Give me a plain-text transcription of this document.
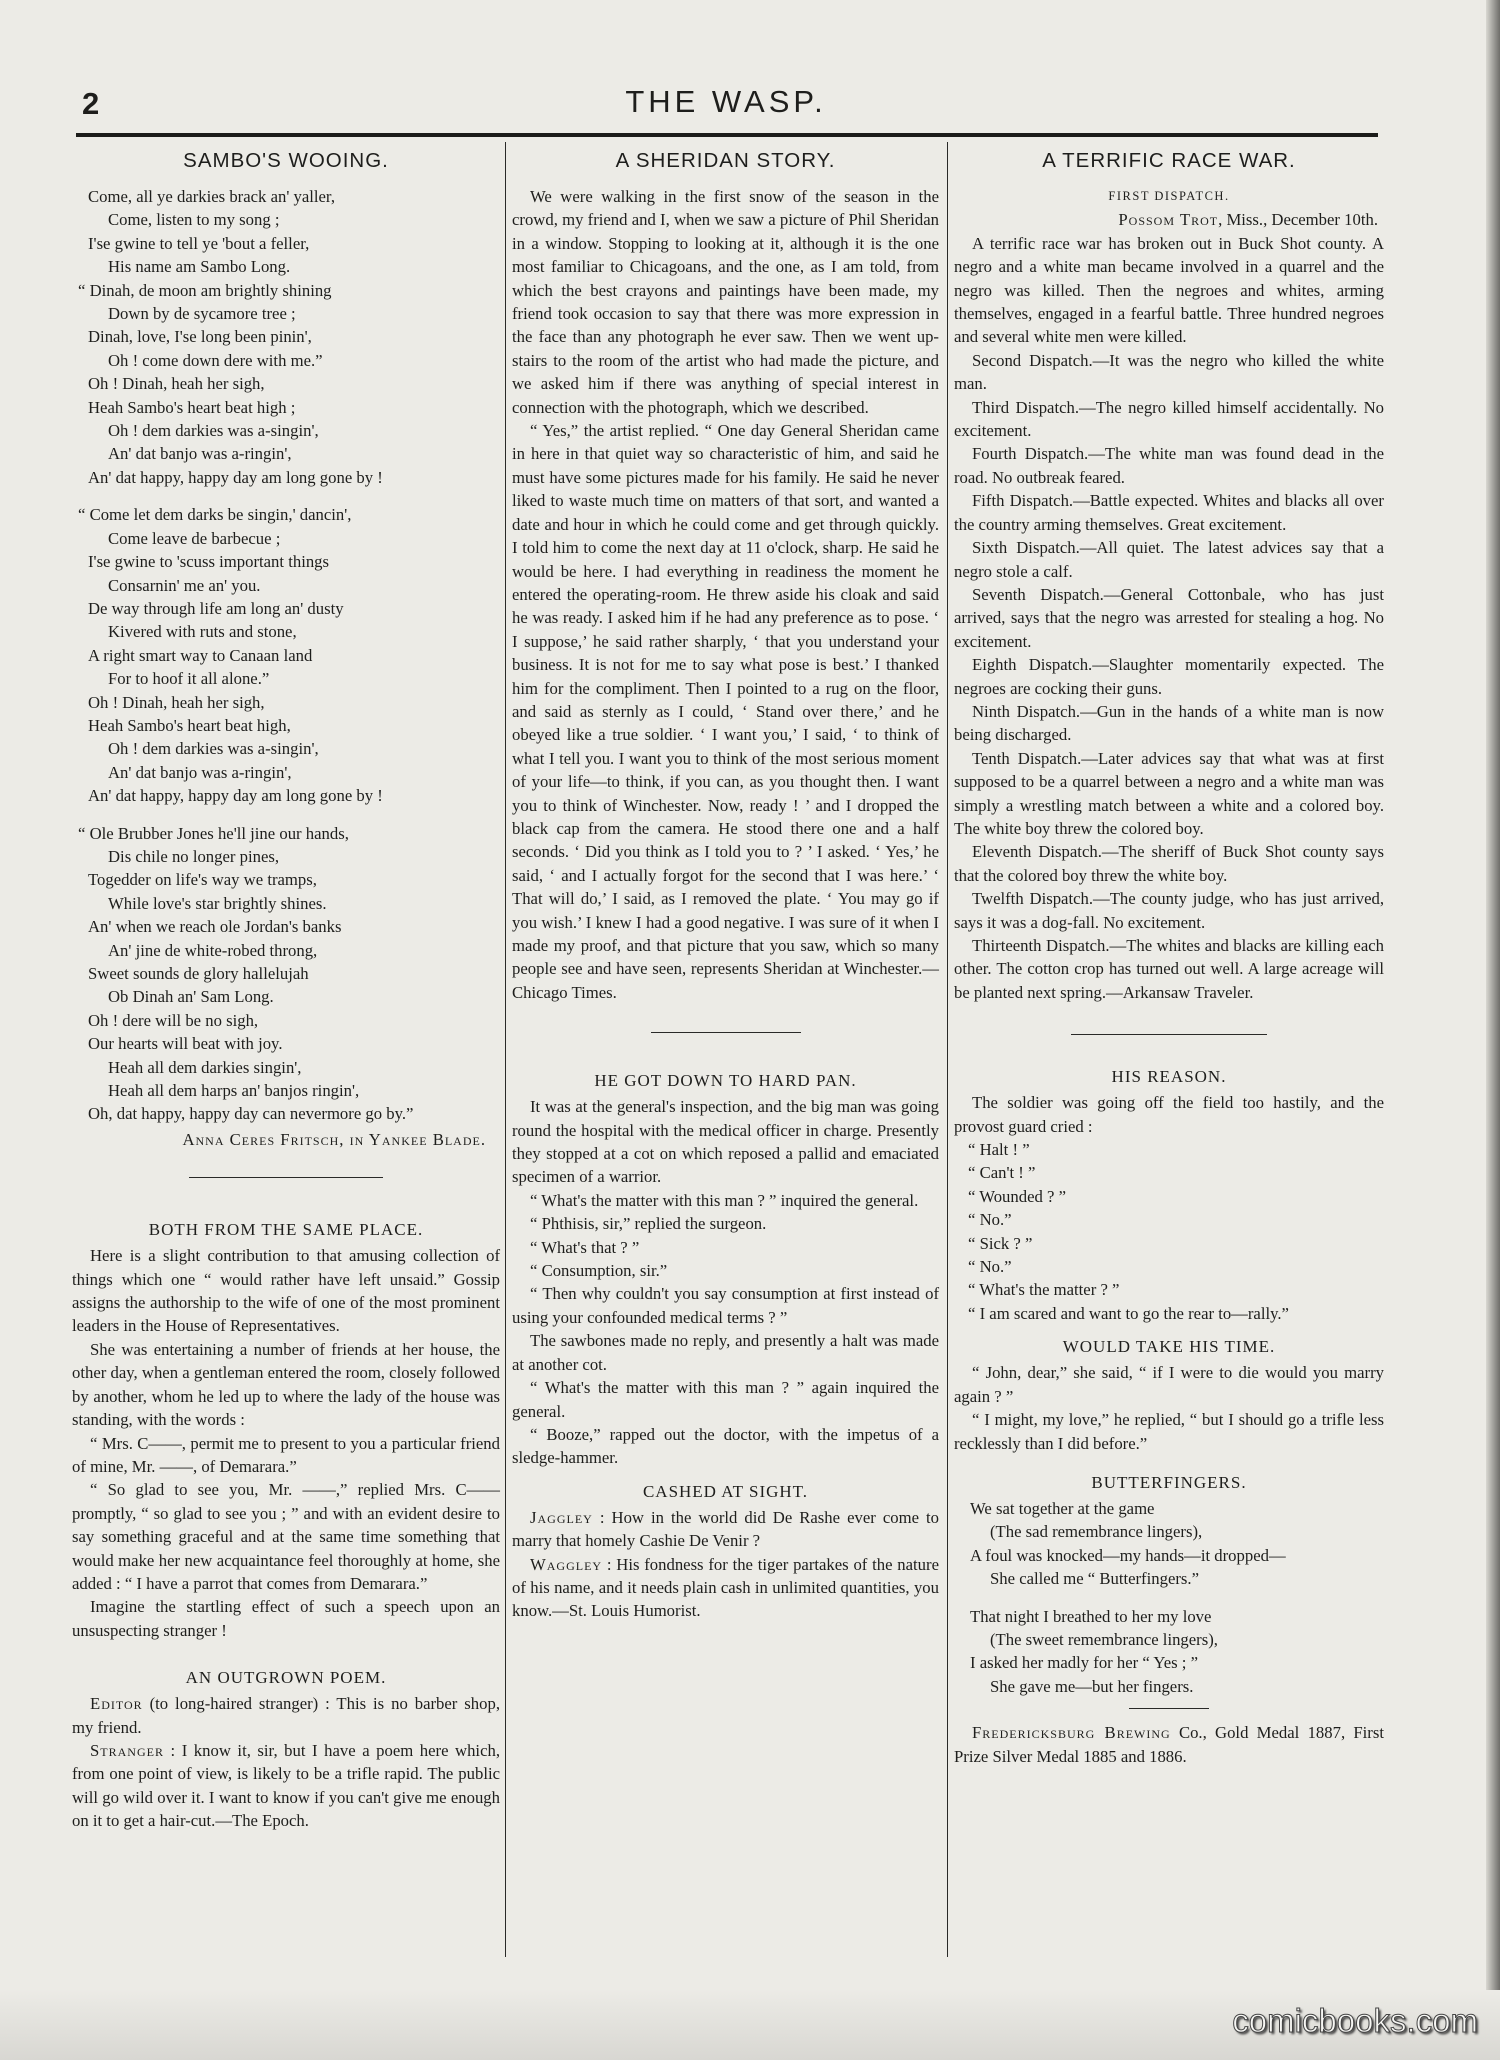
2	THE WASP.
SAMBO'S WOOING.
Come, all ye darkies brack an' yaller,
Come, listen to my song ;
I'se gwine to tell ye 'bout a feller,
His name am Sambo Long.
“ Dinah, de moon am brightly shining
Down by de sycamore tree ;
Dinah, love, I'se long been pinin',
Oh ! come down dere with me.”
Oh ! Dinah, heah her sigh,
Heah Sambo's heart beat high ;
Oh ! dem darkies was a-singin',
An' dat banjo was a-ringin',
An' dat happy, happy day am long gone by !
“ Come let dem darks be singin,' dancin',
Come leave de barbecue ;
I'se gwine to 'scuss important things
Consarnin' me an' you.
De way through life am long an' dusty
Kivered with ruts and stone,
A right smart way to Canaan land
For to hoof it all alone.”
Oh ! Dinah, heah her sigh,
Heah Sambo's heart beat high,
Oh ! dem darkies was a-singin',
An' dat banjo was a-ringin',
An' dat happy, happy day am long gone by !
“ Ole Brubber Jones he'll jine our hands,
Dis chile no longer pines,
Togedder on life's way we tramps,
While love's star brightly shines.
An' when we reach ole Jordan's banks
An' jine de white-robed throng,
Sweet sounds de glory hallelujah
Ob Dinah an' Sam Long.
Oh ! dere will be no sigh,
Our hearts will beat with joy.
Heah all dem darkies singin',
Heah all dem harps an' banjos ringin',
Oh, dat happy, happy day can nevermore go by.”
Anna Ceres Fritsch, in Yankee Blade.
BOTH FROM THE SAME PLACE.

Here is a slight contribution to that amusing collection of things which one “ would rather have left unsaid.” Gossip assigns the authorship to the wife of one of the most prominent leaders in the House of Representatives.

She was entertaining a number of friends at her house, the other day, when a gentleman entered the room, closely followed by another, whom he led up to where the lady of the house was standing, with the words :

“ Mrs. C——, permit me to present to you a particular friend of mine, Mr. ——, of Demarara.”

“ So glad to see you, Mr. ——,” replied Mrs. C—— promptly, “ so glad to see you ; ” and with an evident desire to say something graceful and at the same time something that would make her new acquaintance feel thoroughly at home, she added : “ I have a parrot that comes from Demarara.”

Imagine the startling effect of such a speech upon an unsuspecting stranger !

AN OUTGROWN POEM.

Editor (to long-haired stranger) : This is no barber shop, my friend.

Stranger : I know it, sir, but I have a poem here which, from one point of view, is likely to be a trifle rapid. The public will go wild over it. I want to know if you can't give me enough on it to get a hair-cut.—The Epoch.

A SHERIDAN STORY.

We were walking in the first snow of the season in the crowd, my friend and I, when we saw a picture of Phil Sheridan in a window. Stopping to looking at it, although it is the one most familiar to Chicagoans, and the one, as I am told, from which the best crayons and paintings have been made, my friend took occasion to say that there was more expression in the face than any photograph he ever saw. Then we went up-stairs to the room of the artist who had made the picture, and we asked him if there was anything of special interest in connection with the photograph, which we described.

“ Yes,” the artist replied. “ One day General Sheridan came in here in that quiet way so characteristic of him, and said he must have some pictures made for his family. He said he never liked to waste much time on matters of that sort, and wanted a date and hour in which he could come and get through quickly. I told him to come the next day at 11 o'clock, sharp. He said he would be here. I had everything in readiness the moment he entered the operating-room. He threw aside his cloak and said he was ready. I asked him if he had any preference as to pose. ‘ I suppose,’ he said rather sharply, ‘ that you understand your business. It is not for me to say what pose is best.’ I thanked him for the compliment. Then I pointed to a rug on the floor, and said as sternly as I could, ‘ Stand over there,’ and he obeyed like a true soldier. ‘ I want you,’ I said, ‘ to think of what I tell you. I want you to think of the most serious moment of your life—to think, if you can, as you thought then. I want you to think of Winchester. Now, ready ! ’ and I dropped the black cap from the camera. He stood there one and a half seconds. ‘ Did you think as I told you to ? ’ I asked. ‘ Yes,’ he said, ‘ and I actually forgot for the second that I was here.’ ‘ That will do,’ I said, as I removed the plate. ‘ You may go if you wish.’ I knew I had a good negative. I was sure of it when I made my proof, and that picture that you saw, which so many people see and have seen, represents Sheridan at Winchester.—Chicago Times.

HE GOT DOWN TO HARD PAN.

It was at the general's inspection, and the big man was going round the hospital with the medical officer in charge. Presently they stopped at a cot on which reposed a pallid and emaciated specimen of a warrior.

“ What's the matter with this man ? ” inquired the general.

“ Phthisis, sir,” replied the surgeon.

“ What's that ? ”

“ Consumption, sir.”

“ Then why couldn't you say consumption at first instead of using your confounded medical terms ? ”

The sawbones made no reply, and presently a halt was made at another cot.

“ What's the matter with this man ? ” again inquired the general.

“ Booze,” rapped out the doctor, with the impetus of a sledge-hammer.

CASHED AT SIGHT.

Jaggley : How in the world did De Rashe ever come to marry that homely Cashie De Venir ?

Waggley : His fondness for the tiger partakes of the nature of his name, and it needs plain cash in unlimited quantities, you know.—St. Louis Humorist.

A TERRIFIC RACE WAR.
FIRST DISPATCH.
Possom Trot, Miss., December 10th.

A terrific race war has broken out in Buck Shot county. A negro and a white man became involved in a quarrel and the negro was killed. Then the negroes and whites, arming themselves, engaged in a fearful battle. Three hundred negroes and several white men were killed.

Second Dispatch.—It was the negro who killed the white man.

Third Dispatch.—The negro killed himself accidentally. No excitement.

Fourth Dispatch.—The white man was found dead in the road. No outbreak feared.

Fifth Dispatch.—Battle expected. Whites and blacks all over the country arming themselves. Great excitement.

Sixth Dispatch.—All quiet. The latest advices say that a negro stole a calf.

Seventh Dispatch.—General Cottonbale, who has just arrived, says that the negro was arrested for stealing a hog. No excitement.

Eighth Dispatch.—Slaughter momentarily expected. The negroes are cocking their guns.

Ninth Dispatch.—Gun in the hands of a white man is now being discharged.

Tenth Dispatch.—Later advices say that what was at first supposed to be a quarrel between a negro and a white man was simply a wrestling match between a white and a colored boy. The white boy threw the colored boy.

Eleventh Dispatch.—The sheriff of Buck Shot county says that the colored boy threw the white boy.

Twelfth Dispatch.—The county judge, who has just arrived, says it was a dog-fall. No excitement.

Thirteenth Dispatch.—The whites and blacks are killing each other. The cotton crop has turned out well. A large acreage will be planted next spring.—Arkansaw Traveler.

HIS REASON.

The soldier was going off the field too hastily, and the provost guard cried :

“ Halt ! ”
“ Can't ! ”
“ Wounded ? ”
“ No.”
“ Sick ? ”
“ No.”
“ What's the matter ? ”
“ I am scared and want to go the rear to—rally.”
WOULD TAKE HIS TIME.

“ John, dear,” she said, “ if I were to die would you marry again ? ”

“ I might, my love,” he replied, “ but I should go a trifle less recklessly than I did before.”

BUTTERFINGERS.
We sat together at the game
(The sad remembrance lingers),
A foul was knocked—my hands—it dropped—
She called me “ Butterfingers.”
That night I breathed to her my love
(The sweet remembrance lingers),
I asked her madly for her “ Yes ; ”
She gave me—but her fingers.

Fredericksburg Brewing Co., Gold Medal 1887, First Prize Silver Medal 1885 and 1886.

comicbooks.com
